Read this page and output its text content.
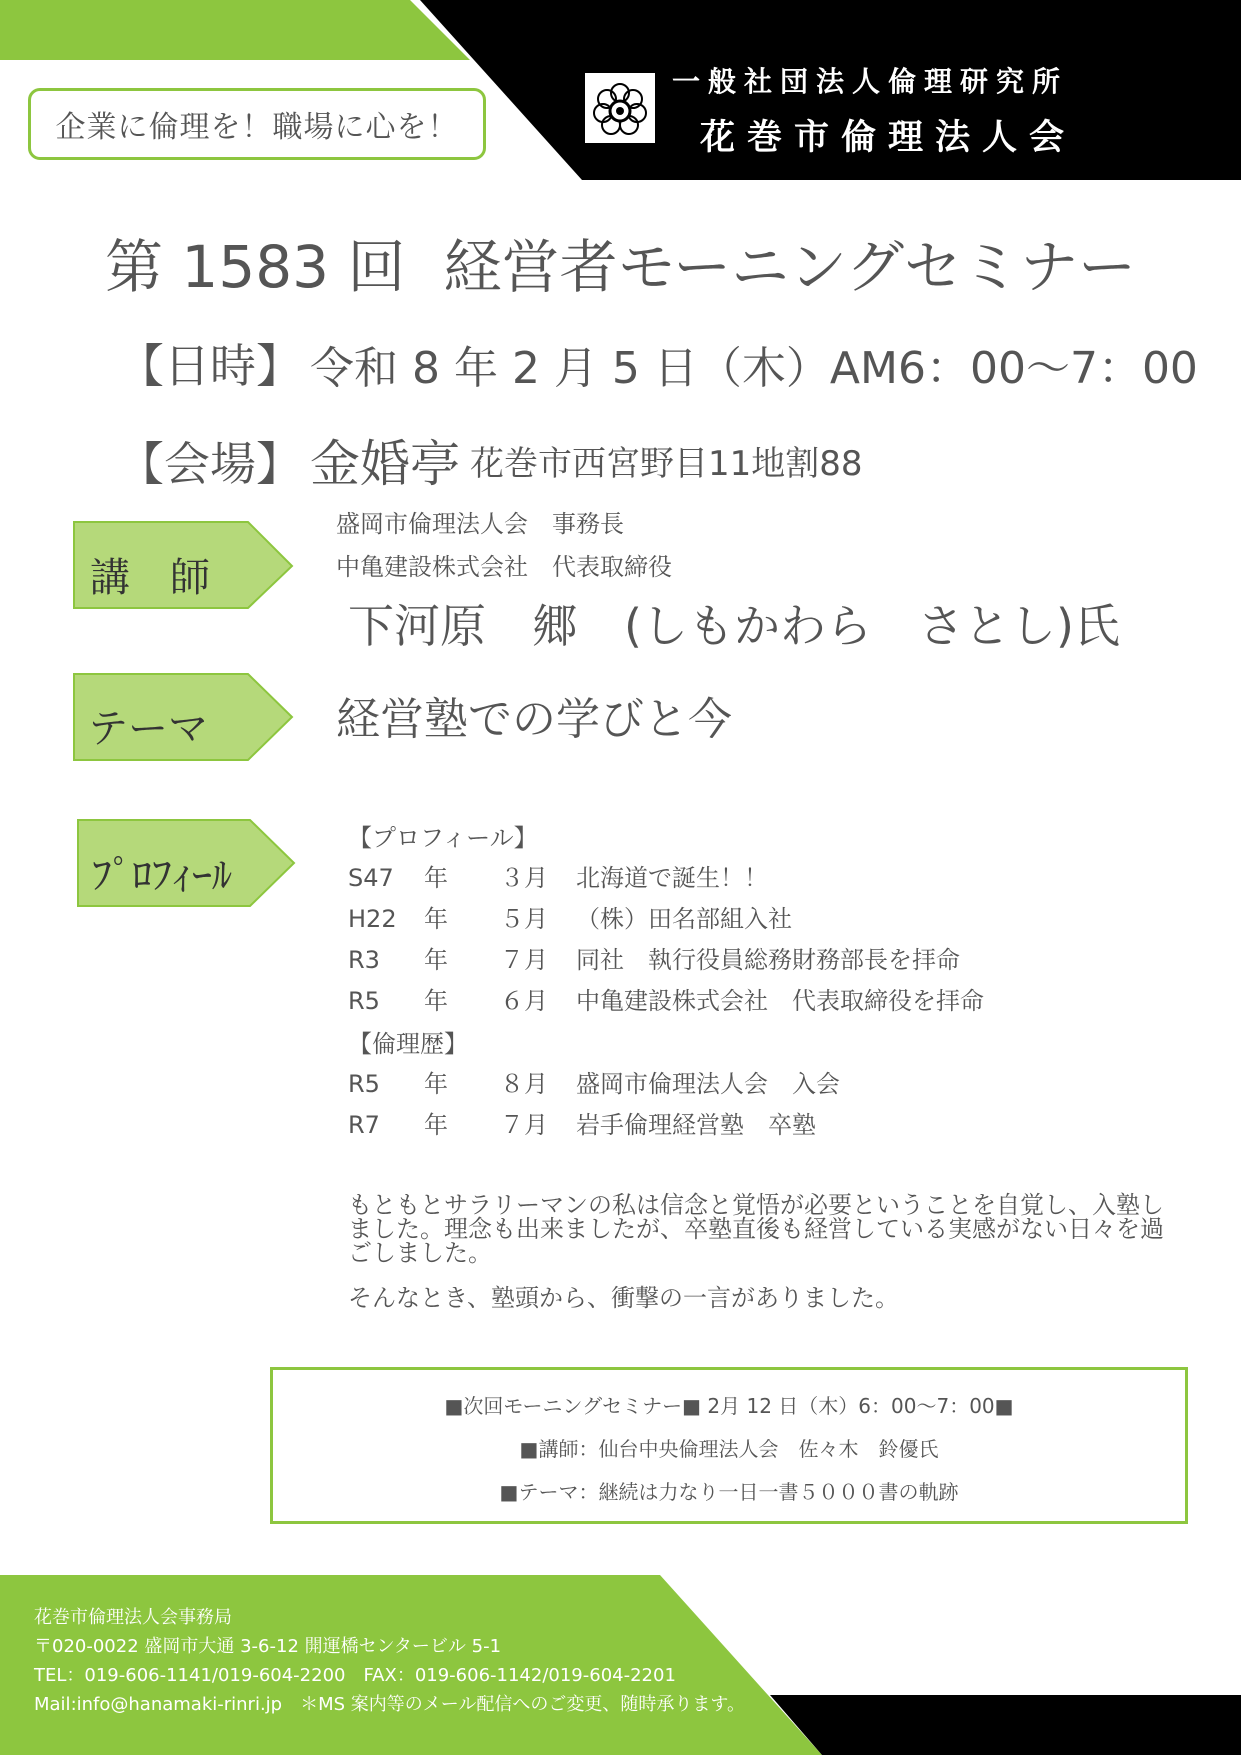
企業に倫理を！職場に心を！
一般社団法人倫理研究所
花巻市倫理法人会
第 1583 回 経営者モーニングセミナー
【日時】 令和 8 年 2 月 5 日（木）AM6：00～7：00
【会場】 金婚亭 花巻市西宮野目11地割88
講　師
盛岡市倫理法人会　事務長
中亀建設株式会社　代表取締役
下河原　郷　(しもかわら　さとし)氏
テーマ	経営塾での学びと今
ﾌﾟﾛﾌｨｰﾙ
【プロフィール】
S47 年 ３月 北海道で誕生！！
H22 年 ５月 （株）田名部組入社
R3 年 ７月 同社　執行役員総務財務部長を拝命
R5 年 ６月 中亀建設株式会社　代表取締役を拝命
【倫理歴】
R5 年 ８月 盛岡市倫理法人会　入会
R7 年 ７月 岩手倫理経営塾　卒塾
もともとサラリーマンの私は信念と覚悟が必要ということを自覚し、入塾し
ました。理念も出来ましたが、卒塾直後も経営している実感がない日々を過
ごしました。
そんなとき、塾頭から、衝撃の一言がありました。
■次回モーニングセミナー■ 2月 12 日（木）6：00～7：00■
■講師：仙台中央倫理法人会　佐々木　鈴優氏
■テーマ：継続は力なり一日一書５０００書の軌跡
花巻市倫理法人会事務局
〒020-0022 盛岡市大通 3-6-12 開運橋センタービル 5-1
TEL：019-606-1141/019-604-2200　FAX：019-606-1142/019-604-2201
Mail:info@hanamaki-rinri.jp　＊MS 案内等のメール配信へのご変更、随時承ります。
